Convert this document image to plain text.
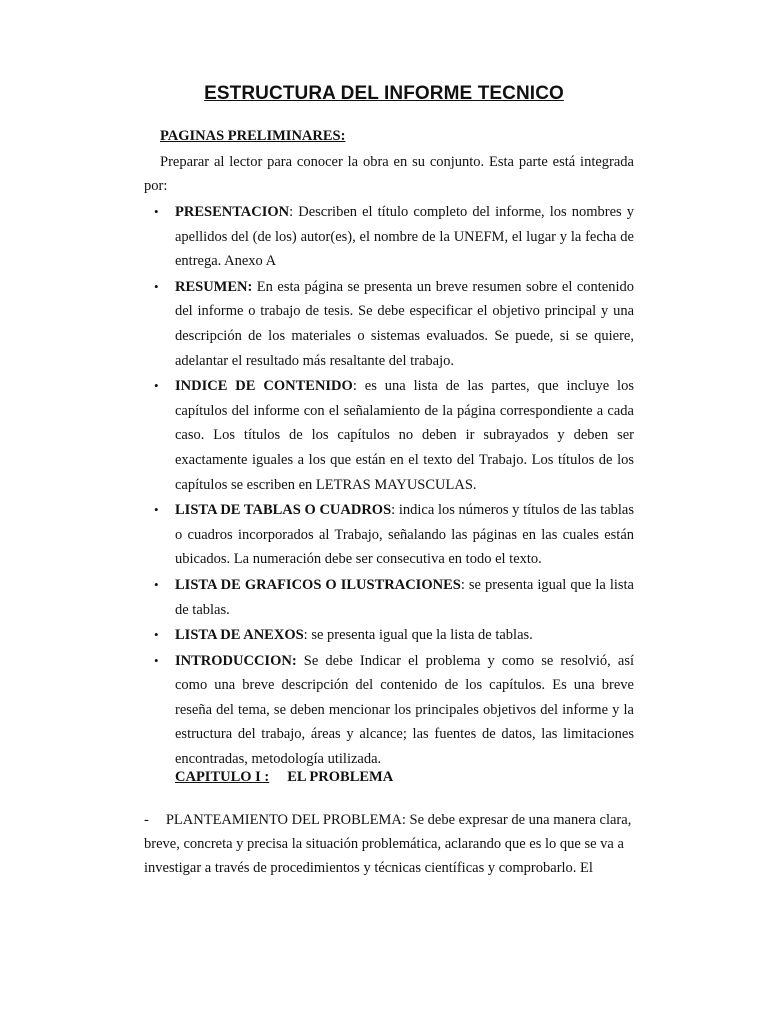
ESTRUCTURA DEL INFORME TECNICO
PAGINAS PRELIMINARES:

Preparar al lector para conocer la obra en su conjunto. Esta parte está integrada por:

• PRESENTACION: Describen el título completo del informe, los nombres y apellidos del (de los) autor(es), el nombre de la UNEFM, el lugar y la fecha de entrega. Anexo A
• RESUMEN: En esta página se presenta un breve resumen sobre el contenido del informe o trabajo de tesis. Se debe especificar el objetivo principal y una descripción de los materiales o sistemas evaluados. Se puede, si se quiere, adelantar el resultado más resaltante del trabajo.
• INDICE DE CONTENIDO: es una lista de las partes, que incluye los capítulos del informe con el señalamiento de la página correspondiente a cada caso. Los títulos de los capítulos no deben ir subrayados y deben ser exactamente iguales a los que están en el texto del Trabajo. Los títulos de los capítulos se escriben en LETRAS MAYUSCULAS.
• LISTA DE TABLAS O CUADROS: indica los números y títulos de las tablas o cuadros incorporados al Trabajo, señalando las páginas en las cuales están ubicados. La numeración debe ser consecutiva en todo el texto.
• LISTA DE GRAFICOS O ILUSTRACIONES: se presenta igual que la lista de tablas.
• LISTA DE ANEXOS: se presenta igual que la lista de tablas.
• INTRODUCCION: Se debe Indicar el problema y como se resolvió, así como una breve descripción del contenido de los capítulos. Es una breve reseña del tema, se deben mencionar los principales objetivos del informe y la estructura del trabajo, áreas y alcance; las fuentes de datos, las limitaciones encontradas, metodología utilizada.
CAPITULO I : EL PROBLEMA

- PLANTEAMIENTO DEL PROBLEMA: Se debe expresar de una manera clara, breve, concreta y precisa la situación problemática, aclarando que es lo que se va a investigar a través de procedimientos y técnicas científicas y comprobarlo. El
